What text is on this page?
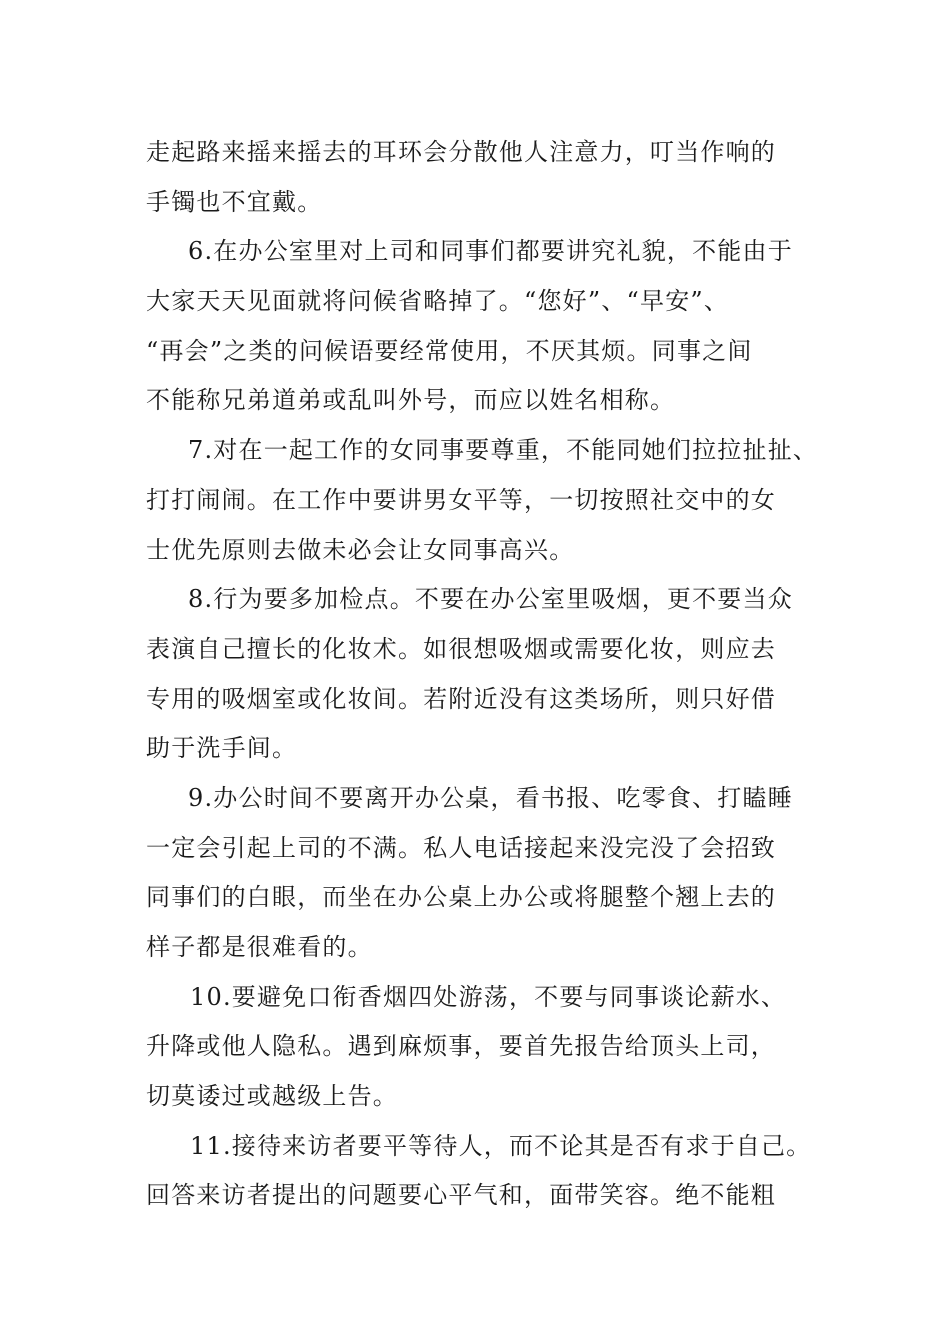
走起路来摇来摇去的耳环会分散他人注意力，叮当作响的
手镯也不宜戴。
6.在办公室里对上司和同事们都要讲究礼貌，不能由于
大家天天见面就将问候省略掉了。“您好”、“早安”、
“再会”之类的问候语要经常使用，不厌其烦。同事之间
不能称兄弟道弟或乱叫外号，而应以姓名相称。
7.对在一起工作的女同事要尊重，不能同她们拉拉扯扯、
打打闹闹。在工作中要讲男女平等，一切按照社交中的女
士优先原则去做未必会让女同事高兴。
8.行为要多加检点。不要在办公室里吸烟，更不要当众
表演自己擅长的化妆术。如很想吸烟或需要化妆，则应去
专用的吸烟室或化妆间。若附近没有这类场所，则只好借
助于洗手间。
9.办公时间不要离开办公桌，看书报、吃零食、打瞌睡
一定会引起上司的不满。私人电话接起来没完没了会招致
同事们的白眼，而坐在办公桌上办公或将腿整个翘上去的
样子都是很难看的。
10.要避免口衔香烟四处游荡，不要与同事谈论薪水、
升降或他人隐私。遇到麻烦事，要首先报告给顶头上司，
切莫诿过或越级上告。
11.接待来访者要平等待人，而不论其是否有求于自己。
回答来访者提出的问题要心平气和，面带笑容。绝不能粗
